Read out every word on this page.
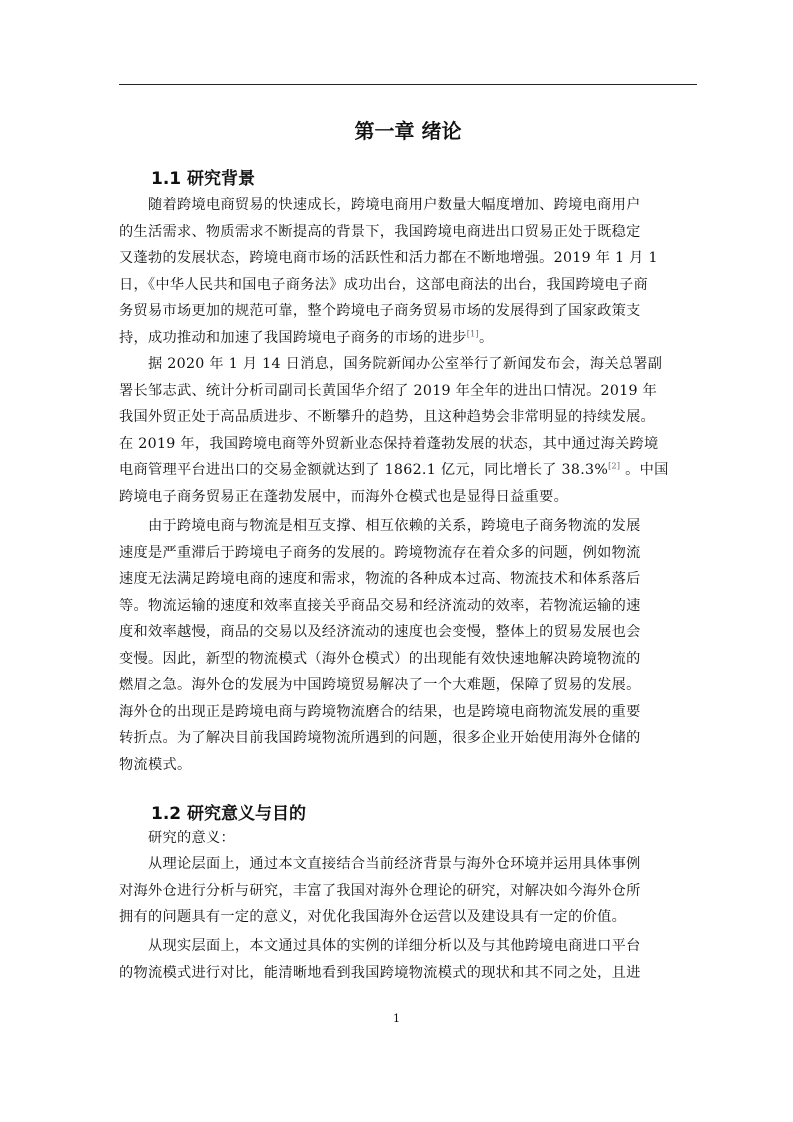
第一章 绪论
1.1 研究背景
随着跨境电商贸易的快速成长，跨境电商用户数量大幅度增加、跨境电商用户
的生活需求、物质需求不断提高的背景下，我国跨境电商进出口贸易正处于既稳定
又蓬勃的发展状态，跨境电商市场的活跃性和活力都在不断地增强。2019 年 1 月 1
日，《中华人民共和国电子商务法》成功出台，这部电商法的出台，我国跨境电子商
务贸易市场更加的规范可靠，整个跨境电子商务贸易市场的发展得到了国家政策支
持，成功推动和加速了我国跨境电子商务的市场的进步[1]。
据 2020 年 1 月 14 日消息，国务院新闻办公室举行了新闻发布会，海关总署副
署长邹志武、统计分析司副司长黄国华介绍了 2019 年全年的进出口情况。2019 年
我国外贸正处于高品质进步、不断攀升的趋势，且这种趋势会非常明显的持续发展。
在 2019 年，我国跨境电商等外贸新业态保持着蓬勃发展的状态，其中通过海关跨境
电商管理平台进出口的交易金额就达到了 1862.1 亿元，同比增长了 38.3%[2] 。中国
跨境电子商务贸易正在蓬勃发展中，而海外仓模式也是显得日益重要。
由于跨境电商与物流是相互支撑、相互依赖的关系，跨境电子商务物流的发展
速度是严重滞后于跨境电子商务的发展的。跨境物流存在着众多的问题，例如物流
速度无法满足跨境电商的速度和需求，物流的各种成本过高、物流技术和体系落后
等。物流运输的速度和效率直接关乎商品交易和经济流动的效率，若物流运输的速
度和效率越慢，商品的交易以及经济流动的速度也会变慢，整体上的贸易发展也会
变慢。因此，新型的物流模式（海外仓模式）的出现能有效快速地解决跨境物流的
燃眉之急。海外仓的发展为中国跨境贸易解决了一个大难题，保障了贸易的发展。
海外仓的出现正是跨境电商与跨境物流磨合的结果，也是跨境电商物流发展的重要
转折点。为了解决目前我国跨境物流所遇到的问题，很多企业开始使用海外仓储的
物流模式。
1.2 研究意义与目的
研究的意义：
从理论层面上，通过本文直接结合当前经济背景与海外仓环境并运用具体事例
对海外仓进行分析与研究，丰富了我国对海外仓理论的研究，对解决如今海外仓所
拥有的问题具有一定的意义，对优化我国海外仓运营以及建设具有一定的价值。
从现实层面上，本文通过具体的实例的详细分析以及与其他跨境电商进口平台
的物流模式进行对比，能清晰地看到我国跨境物流模式的现状和其不同之处，且进
1
